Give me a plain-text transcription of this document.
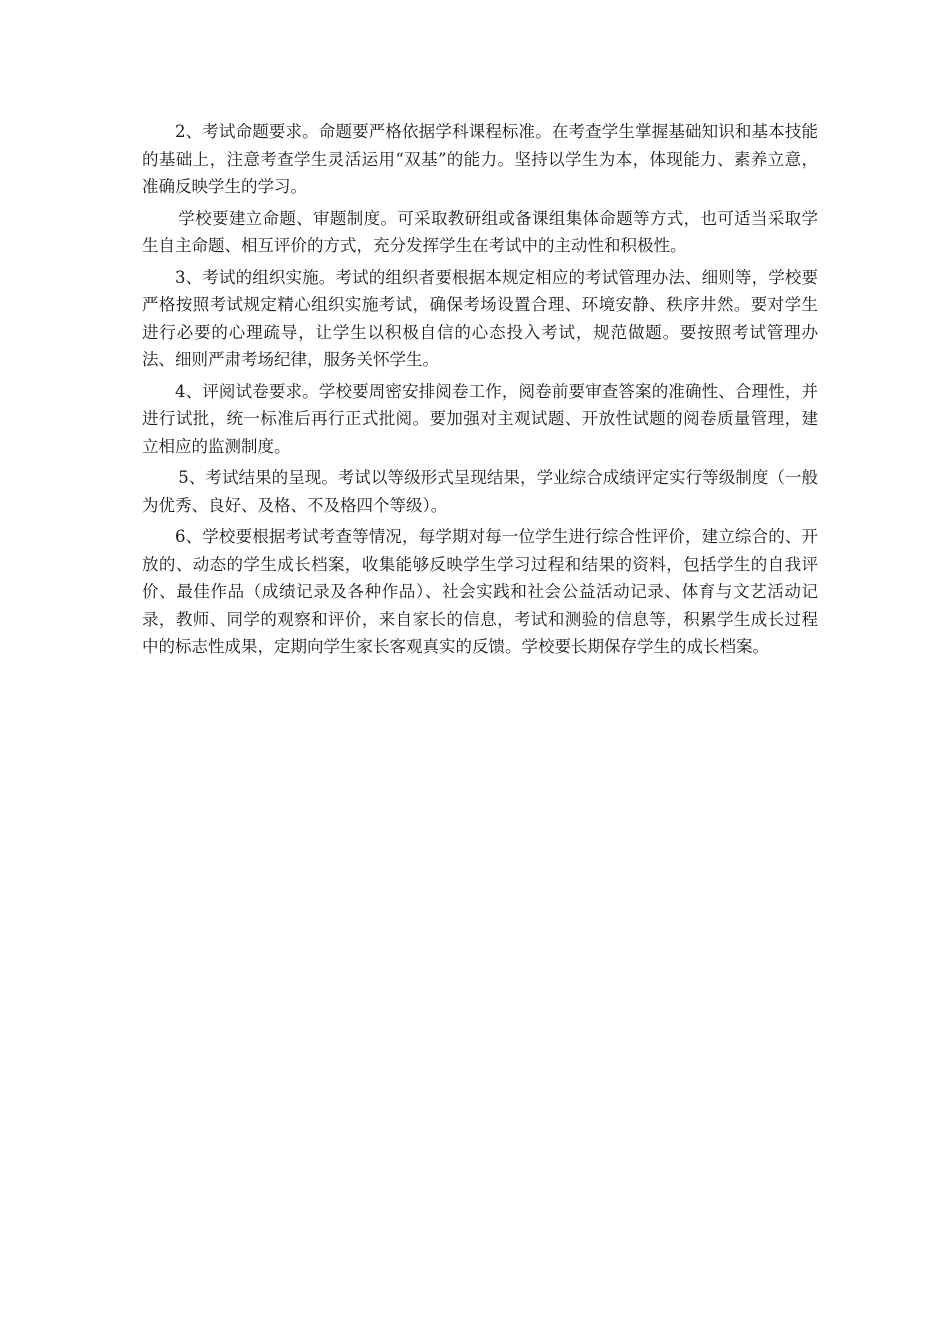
2、考试命题要求。命题要严格依据学科课程标准。在考查学生掌握基础知识和基本技能的基础上，注意考查学生灵活运用“双基”的能力。坚持以学生为本，体现能力、素养立意，准确反映学生的学习。

学校要建立命题、审题制度。可采取教研组或备课组集体命题等方式，也可适当采取学生自主命题、相互评价的方式，充分发挥学生在考试中的主动性和积极性。

3、考试的组织实施。考试的组织者要根据本规定相应的考试管理办法、细则等，学校要严格按照考试规定精心组织实施考试，确保考场设置合理、环境安静、秩序井然。要对学生进行必要的心理疏导，让学生以积极自信的心态投入考试，规范做题。要按照考试管理办法、细则严肃考场纪律，服务关怀学生。

4、评阅试卷要求。学校要周密安排阅卷工作，阅卷前要审查答案的准确性、合理性，并进行试批，统一标准后再行正式批阅。要加强对主观试题、开放性试题的阅卷质量管理，建立相应的监测制度。

5、考试结果的呈现。考试以等级形式呈现结果，学业综合成绩评定实行等级制度（一般为优秀、良好、及格、不及格四个等级）。

6、学校要根据考试考查等情况，每学期对每一位学生进行综合性评价，建立综合的、开放的、动态的学生成长档案，收集能够反映学生学习过程和结果的资料，包括学生的自我评价、最佳作品（成绩记录及各种作品）、社会实践和社会公益活动记录、体育与文艺活动记录，教师、同学的观察和评价，来自家长的信息，考试和测验的信息等，积累学生成长过程中的标志性成果，定期向学生家长客观真实的反馈。学校要长期保存学生的成长档案。
